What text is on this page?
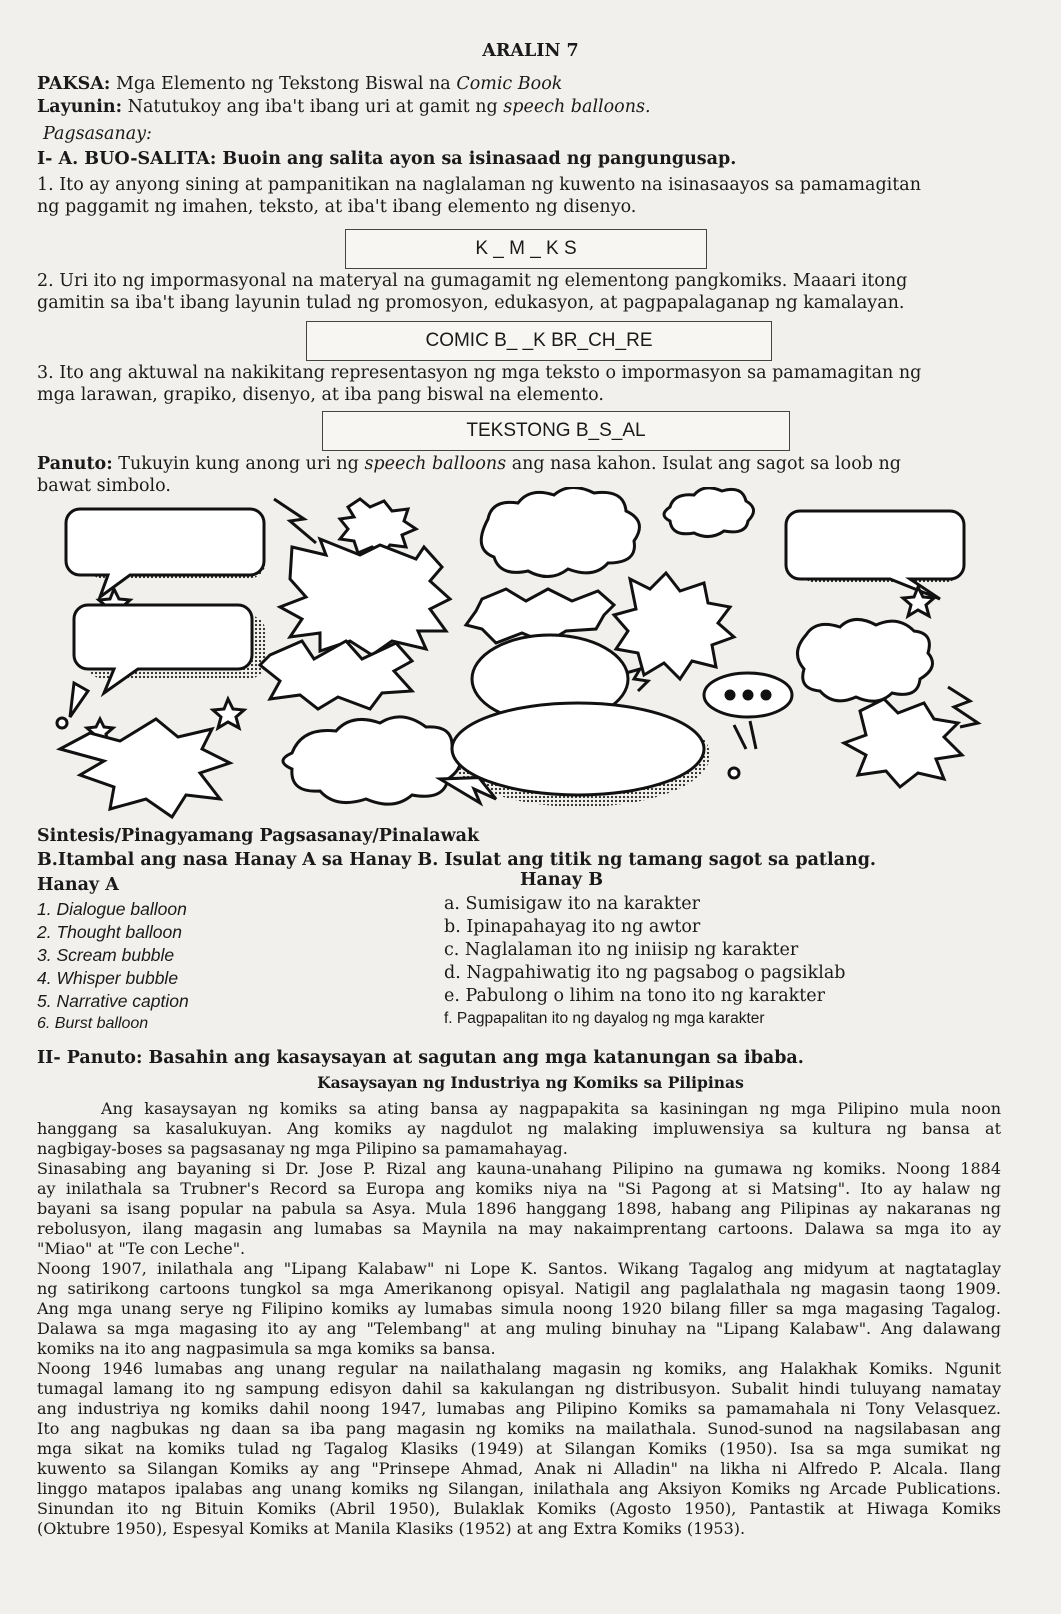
ARALIN 7
PAKSA: Mga Elemento ng Tekstong Biswal na Comic Book
Layunin: Natutukoy ang iba't ibang uri at gamit ng speech balloons.
Pagsasanay:
I- A. BUO-SALITA: Buoin ang salita ayon sa isinasaad ng pangungusap.
1. Ito ay anyong sining at pampanitikan na naglalaman ng kuwento na isinasaayos sa pamamagitan
ng paggamit ng imahen, teksto, at iba't ibang elemento ng disenyo.
K _ M _ K S
2. Uri ito ng impormasyonal na materyal na gumagamit ng elementong pangkomiks. Maaari itong
gamitin sa iba't ibang layunin tulad ng promosyon, edukasyon, at pagpapalaganap ng kamalayan.
COMIC B_ _K BR_CH_RE
3. Ito ang aktuwal na nakikitang representasyon ng mga teksto o impormasyon sa pamamagitan ng
mga larawan, grapiko, disenyo, at iba pang biswal na elemento.
TEKSTONG B_S_AL
Panuto: Tukuyin kung anong uri ng speech balloons ang nasa kahon. Isulat ang sagot sa loob ng
bawat simbolo.
Sintesis/Pinagyamang Pagsasanay/Pinalawak
B.Itambal ang nasa Hanay A sa Hanay B. Isulat ang titik ng tamang sagot sa patlang.
Hanay A	Hanay B
1. Dialogue balloon
2. Thought balloon
3. Scream bubble
4. Whisper bubble
5. Narrative caption
6. Burst balloon
a. Sumisigaw ito na karakter
b. Ipinapahayag ito ng awtor
c. Naglalaman ito ng iniisip ng karakter
d. Nagpahiwatig ito ng pagsabog o pagsiklab
e. Pabulong o lihim na tono ito ng karakter
f. Pagpapalitan ito ng dayalog ng mga karakter
II- Panuto: Basahin ang kasaysayan at sagutan ang mga katanungan sa ibaba.
Kasaysayan ng Industriya ng Komiks sa Pilipinas
Ang kasaysayan ng komiks sa ating bansa ay nagpapakita sa kasiningan ng mga Pilipino mula noon
hanggang sa kasalukuyan. Ang komiks ay nagdulot ng malaking impluwensiya sa kultura ng bansa at
nagbigay-boses sa pagsasanay ng mga Pilipino sa pamamahayag.
Sinasabing ang bayaning si Dr. Jose P. Rizal ang kauna-unahang Pilipino na gumawa ng komiks. Noong 1884
ay inilathala sa Trubner's Record sa Europa ang komiks niya na "Si Pagong at si Matsing". Ito ay halaw ng
bayani sa isang popular na pabula sa Asya. Mula 1896 hanggang 1898, habang ang Pilipinas ay nakaranas ng
rebolusyon, ilang magasin ang lumabas sa Maynila na may nakaimprentang cartoons. Dalawa sa mga ito ay
"Miao" at "Te con Leche".
Noong 1907, inilathala ang "Lipang Kalabaw" ni Lope K. Santos. Wikang Tagalog ang midyum at nagtataglay
ng satirikong cartoons tungkol sa mga Amerikanong opisyal. Natigil ang paglalathala ng magasin taong 1909.
Ang mga unang serye ng Filipino komiks ay lumabas simula noong 1920 bilang filler sa mga magasing Tagalog.
Dalawa sa mga magasing ito ay ang "Telembang" at ang muling binuhay na "Lipang Kalabaw". Ang dalawang
komiks na ito ang nagpasimula sa mga komiks sa bansa.
Noong 1946 lumabas ang unang regular na nailathalang magasin ng komiks, ang Halakhak Komiks. Ngunit
tumagal lamang ito ng sampung edisyon dahil sa kakulangan ng distribusyon. Subalit hindi tuluyang namatay
ang industriya ng komiks dahil noong 1947, lumabas ang Pilipino Komiks sa pamamahala ni Tony Velasquez.
Ito ang nagbukas ng daan sa iba pang magasin ng komiks na mailathala. Sunod-sunod na nagsilabasan ang
mga sikat na komiks tulad ng Tagalog Klasiks (1949) at Silangan Komiks (1950). Isa sa mga sumikat ng
kuwento sa Silangan Komiks ay ang "Prinsepe Ahmad, Anak ni Alladin" na likha ni Alfredo P. Alcala. Ilang
linggo matapos ipalabas ang unang komiks ng Silangan, inilathala ang Aksiyon Komiks ng Arcade Publications.
Sinundan ito ng Bituin Komiks (Abril 1950), Bulaklak Komiks (Agosto 1950), Pantastik at Hiwaga Komiks
(Oktubre 1950), Espesyal Komiks at Manila Klasiks (1952) at ang Extra Komiks (1953).
